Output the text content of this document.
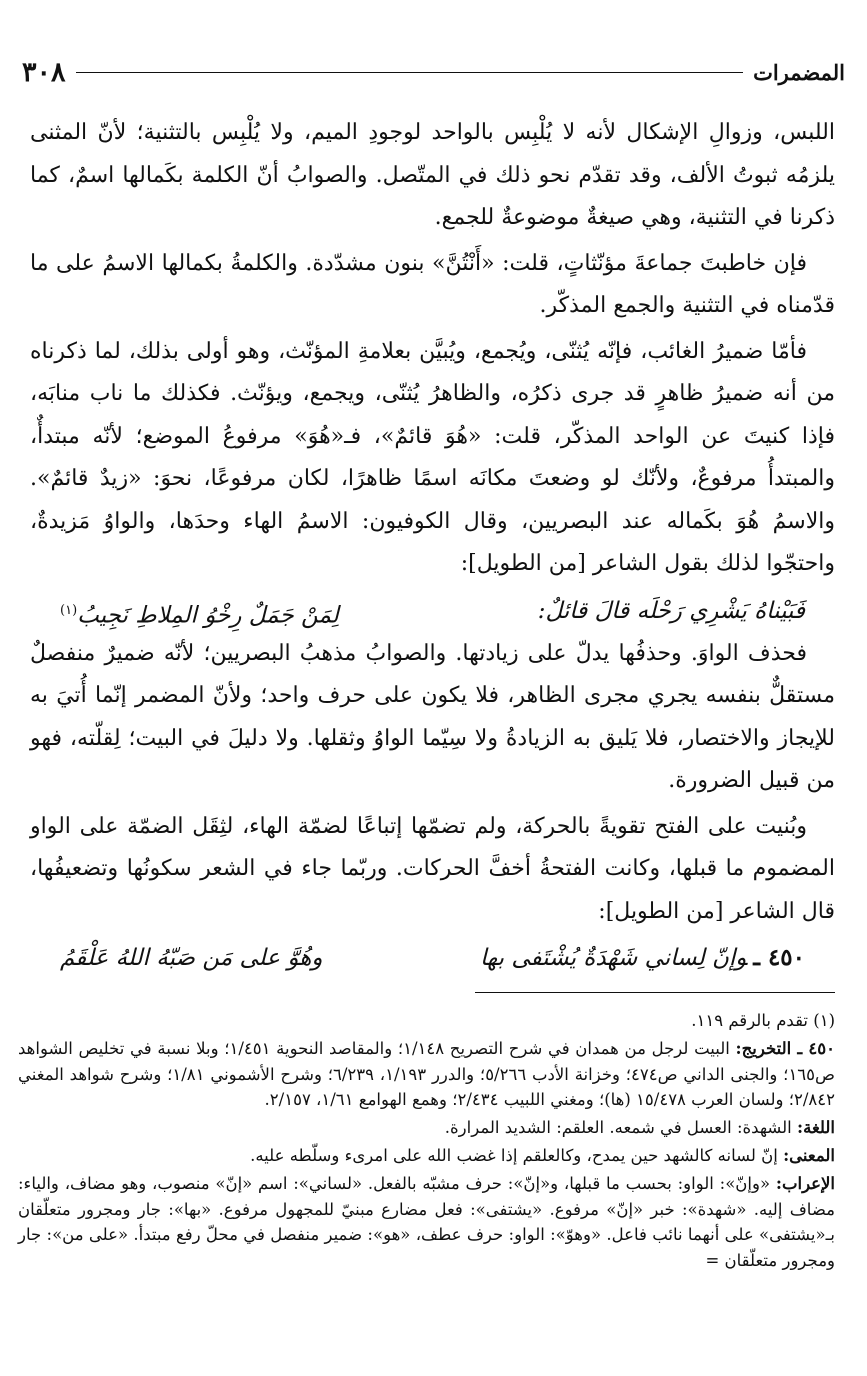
٣٠٨	المضمرات

اللبس، وزوالِ الإشكال لأنه لا يُلْبِس بالواحد لوجودِ الميم، ولا يُلْبِس بالتثنية؛ لأنّ المثنى يلزمُه ثبوتُ الألف، وقد تقدّم نحو ذلك في المتّصل. والصوابُ أنّ الكلمة بكَمالها اسمٌ، كما ذكرنا في التثنية، وهي صيغةٌ موضوعةٌ للجمع.

فإن خاطبتَ جماعةَ مؤنّثاتٍ، قلت: «أَنْتُنَّ» بنون مشدّدة. والكلمةُ بكمالها الاسمُ على ما قدّمناه في التثنية والجمع المذكّر.

فأمّا ضميرُ الغائب، فإنّه يُثنّى، ويُجمع، ويُبيَّن بعلامةِ المؤنّث، وهو أولى بذلك، لما ذكرناه من أنه ضميرُ ظاهرٍ قد جرى ذكرُه، والظاهرُ يُثنّى، ويجمع، ويؤنّث. فكذلك ما ناب منابَه، فإذا كنيتَ عن الواحد المذكّر، قلت: «هُوَ قائمٌ»، فـ«هُوَ» مرفوعُ الموضع؛ لأنّه مبتدأٌ، والمبتدأُ مرفوعٌ، ولأنّك لو وضعتَ مكانَه اسمًا ظاهرًا، لكان مرفوعًا، نحوَ: «زيدٌ قائمٌ». والاسمُ هُوَ بكَماله عند البصريين، وقال الكوفيون: الاسمُ الهاء وحدَها، والواوُ مَزيدةٌ، واحتجّوا لذلك بقول الشاعر [من الطويل]:

فَبَيْناهُ يَشْرِي رَحْلَه قالَ قائلٌ:
لِمَنْ جَمَلٌ رِخْوُ المِلاطِ نَجِيبُ$^{(١)}$

فحذف الواوَ. وحذفُها يدلّ على زيادتها. والصوابُ مذهبُ البصريين؛ لأنّه ضميرٌ منفصلٌ مستقلٌّ بنفسه يجري مجرى الظاهر، فلا يكون على حرف واحد؛ ولأنّ المضمر إنّما أُتيَ به للإيجاز والاختصار، فلا يَليق به الزيادةُ ولا سِيّما الواوُ وثقلها. ولا دليلَ في البيت؛ لِقلّته، فهو من قبيل الضرورة.

وبُنيت على الفتح تقويةً بالحركة، ولم تضمّها إتباعًا لضمّة الهاء، لثِقَل الضمّة على الواو المضموم ما قبلها، وكانت الفتحةُ أخفَّ الحركات. وربّما جاء في الشعر سكونُها وتضعيفُها، قال الشاعر [من الطويل]:

٤٥٠ ـوإنّ لِساني شَهْدَةٌ يُشْتَفى بها
وهُوَّ على مَن صَبّهُ اللهُ عَلْقَمُ

(١) تقدم بالرقم ١١٩.

٤٥٠ ـ التخريج: البيت لرجل من همدان في شرح التصريح ١/١٤٨؛ والمقاصد النحوية ١/٤٥١؛ وبلا نسبة في تخليص الشواهد ص١٦٥؛ والجنى الداني ص٤٧٤؛ وخزانة الأدب ٥/٢٦٦؛ والدرر ١/١٩٣، ٦/٢٣٩؛ وشرح الأشموني ١/٨١؛ وشرح شواهد المغني ٢/٨٤٢؛ ولسان العرب ١٥/٤٧٨ (ها)؛ ومغني اللبيب ٢/٤٣٤؛ وهمع الهوامع ١/٦١، ٢/١٥٧.

اللغة: الشهدة: العسل في شمعه. العلقم: الشديد المرارة.

المعنى: إنّ لسانه كالشهد حين يمدح، وكالعلقم إذا غضب الله على امرىء وسلّطه عليه.

الإعراب: «وإنّ»: الواو: بحسب ما قبلها، و«إنّ»: حرف مشبّه بالفعل. «لساني»: اسم «إنّ» منصوب، وهو مضاف، والياء: مضاف إليه. «شهدة»: خبر «إنّ» مرفوع. «يشتفى»: فعل مضارع مبنيّ للمجهول مرفوع. «بها»: جار ومجرور متعلّقان بـ«يشتفى» على أنهما نائب فاعل. «وهوّ»: الواو: حرف عطف، «هو»: ضمير منفصل في محلّ رفع مبتدأ. «على من»: جار ومجرور متعلّقان =
